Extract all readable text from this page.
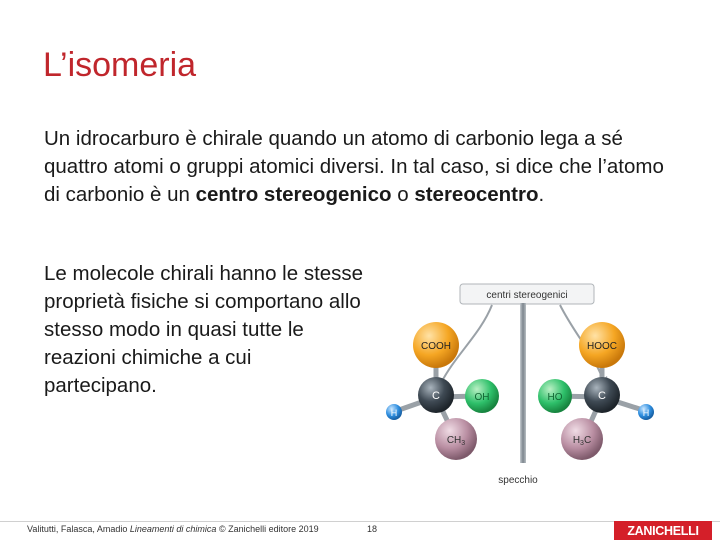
L’isomeria

Un idrocarburo è chirale quando un atomo di carbonio lega a sé quattro atomi o gruppi atomici diversi. In tal caso, si dice che l’atomo di carbonio è un centro stereogenico o stereocentro.

Le molecole chirali hanno le stesse proprietà fisiche si comportano allo stesso modo in quasi tutte le reazioni chimiche a cui partecipano.

centri stereogenici
specchio
H
COOH
OH
$CH_3$
C
H
HOOC
HO
$H_3C$
C
Valitutti, Falasca, Amadio Lineamenti di chimica © Zanichelli editore 2019	18	ZANICHELLI
